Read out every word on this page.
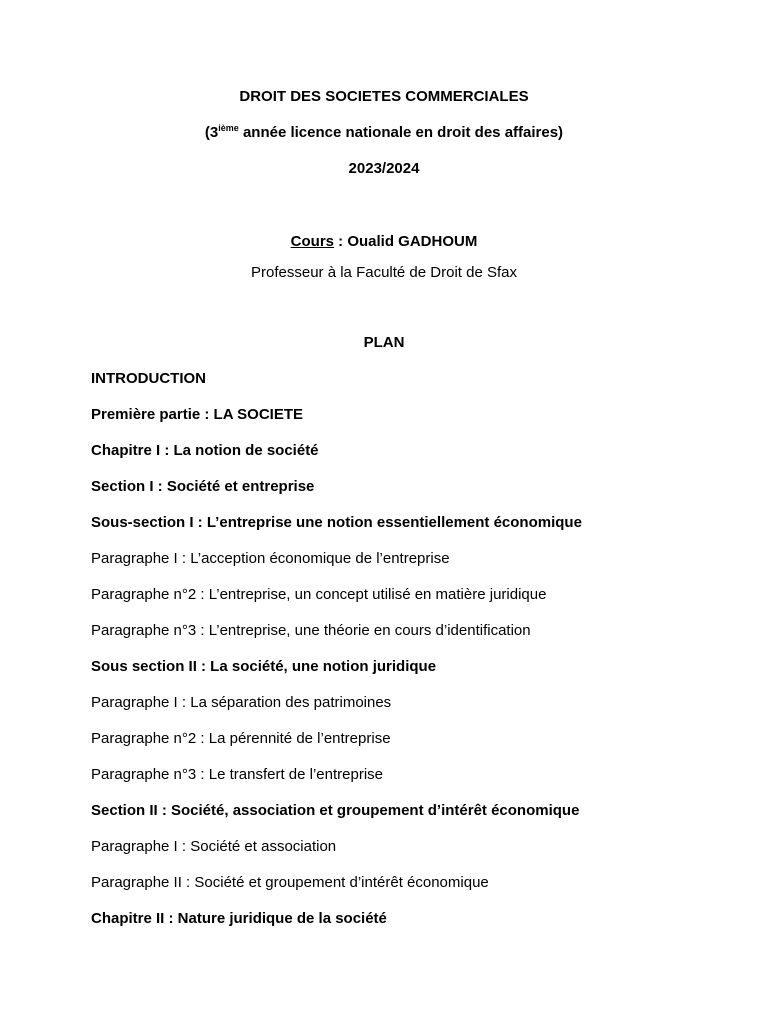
DROIT DES SOCIETES COMMERCIALES
(3ième année licence nationale en droit des affaires)
2023/2024
Cours : Oualid GADHOUM
Professeur à la Faculté de Droit de Sfax
PLAN
INTRODUCTION
Première partie : LA SOCIETE
Chapitre I : La notion de société
Section I : Société et entreprise
Sous-section I : L’entreprise une notion essentiellement économique
Paragraphe I : L’acception économique de l’entreprise
Paragraphe n°2 : L’entreprise, un concept utilisé en matière juridique
Paragraphe n°3 : L’entreprise, une théorie en cours d’identification
Sous section II : La société, une notion juridique
Paragraphe I : La séparation des patrimoines
Paragraphe n°2 : La pérennité de l’entreprise
Paragraphe n°3 : Le transfert de l’entreprise
Section II : Société, association et groupement d’intérêt économique
Paragraphe I : Société et association
Paragraphe II : Société et groupement d’intérêt économique
Chapitre II : Nature juridique de la société
